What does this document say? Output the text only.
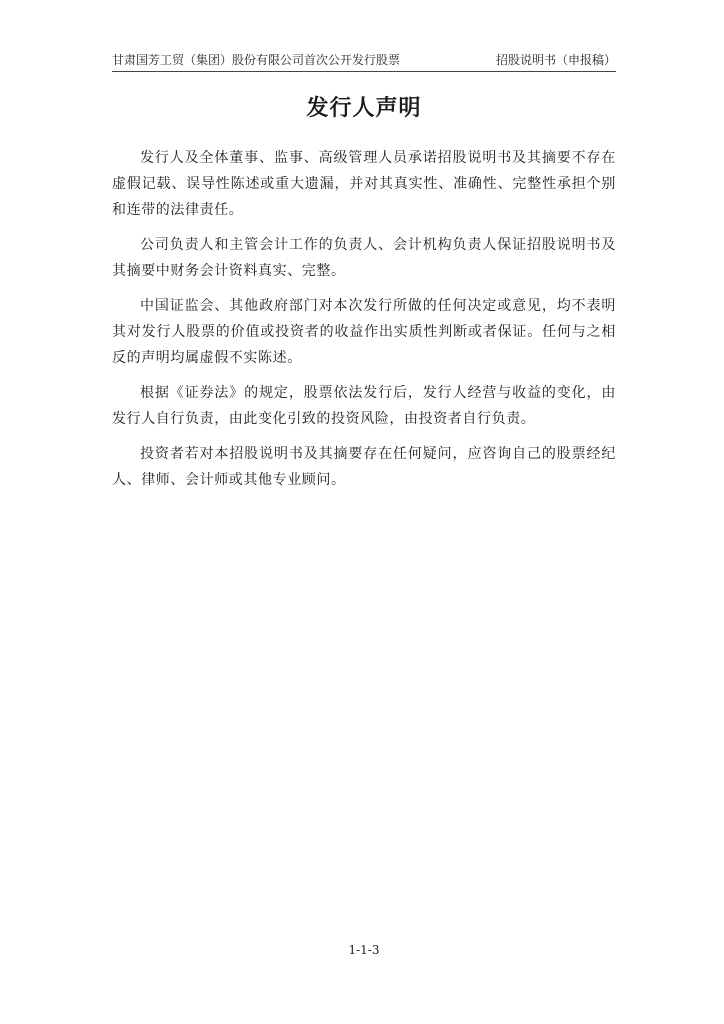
甘肃国芳工贸（集团）股份有限公司首次公开发行股票	招股说明书（申报稿）
发行人声明

发行人及全体董事、监事、高级管理人员承诺招股说明书及其摘要不存在虚假记载、误导性陈述或重大遗漏，并对其真实性、准确性、完整性承担个别和连带的法律责任。

公司负责人和主管会计工作的负责人、会计机构负责人保证招股说明书及其摘要中财务会计资料真实、完整。

中国证监会、其他政府部门对本次发行所做的任何决定或意见，均不表明其对发行人股票的价值或投资者的收益作出实质性判断或者保证。任何与之相反的声明均属虚假不实陈述。

根据《证券法》的规定，股票依法发行后，发行人经营与收益的变化，由发行人自行负责，由此变化引致的投资风险，由投资者自行负责。

投资者若对本招股说明书及其摘要存在任何疑问，应咨询自己的股票经纪人、律师、会计师或其他专业顾问。

1-1-3
